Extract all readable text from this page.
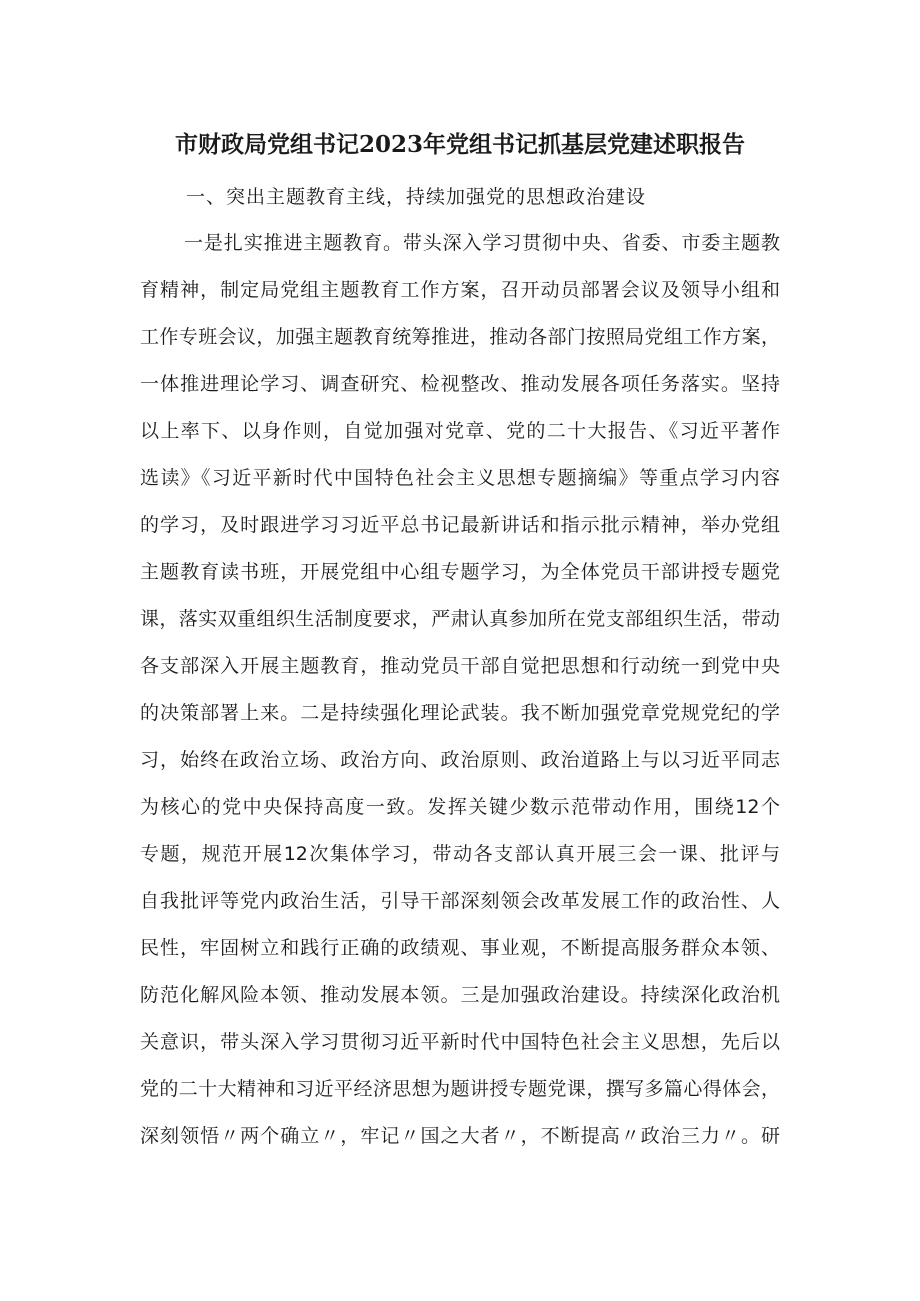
市财政局党组书记2023年党组书记抓基层党建述职报告
一、突出主题教育主线，持续加强党的思想政治建设
一是扎实推进主题教育。带头深入学习贯彻中央、省委、市委主题教
育精神，制定局党组主题教育工作方案，召开动员部署会议及领导小组和
工作专班会议，加强主题教育统筹推进，推动各部门按照局党组工作方案，
一体推进理论学习、调查研究、检视整改、推动发展各项任务落实。坚持
以上率下、以身作则，自觉加强对党章、党的二十大报告、《习近平著作
选读》《习近平新时代中国特色社会主义思想专题摘编》等重点学习内容
的学习，及时跟进学习习近平总书记最新讲话和指示批示精神，举办党组
主题教育读书班，开展党组中心组专题学习，为全体党员干部讲授专题党
课，落实双重组织生活制度要求，严肃认真参加所在党支部组织生活，带动
各支部深入开展主题教育，推动党员干部自觉把思想和行动统一到党中央
的决策部署上来。二是持续强化理论武装。我不断加强党章党规党纪的学
习，始终在政治立场、政治方向、政治原则、政治道路上与以习近平同志
为核心的党中央保持高度一致。发挥关键少数示范带动作用，围绕12个
专题，规范开展12次集体学习，带动各支部认真开展三会一课、批评与
自我批评等党内政治生活，引导干部深刻领会改革发展工作的政治性、人
民性，牢固树立和践行正确的政绩观、事业观，不断提高服务群众本领、
防范化解风险本领、推动发展本领。三是加强政治建设。持续深化政治机
关意识，带头深入学习贯彻习近平新时代中国特色社会主义思想，先后以
党的二十大精神和习近平经济思想为题讲授专题党课，撰写多篇心得体会，
深刻领悟〃两个确立〃，牢记〃国之大者〃，不断提高〃政治三力〃。研
